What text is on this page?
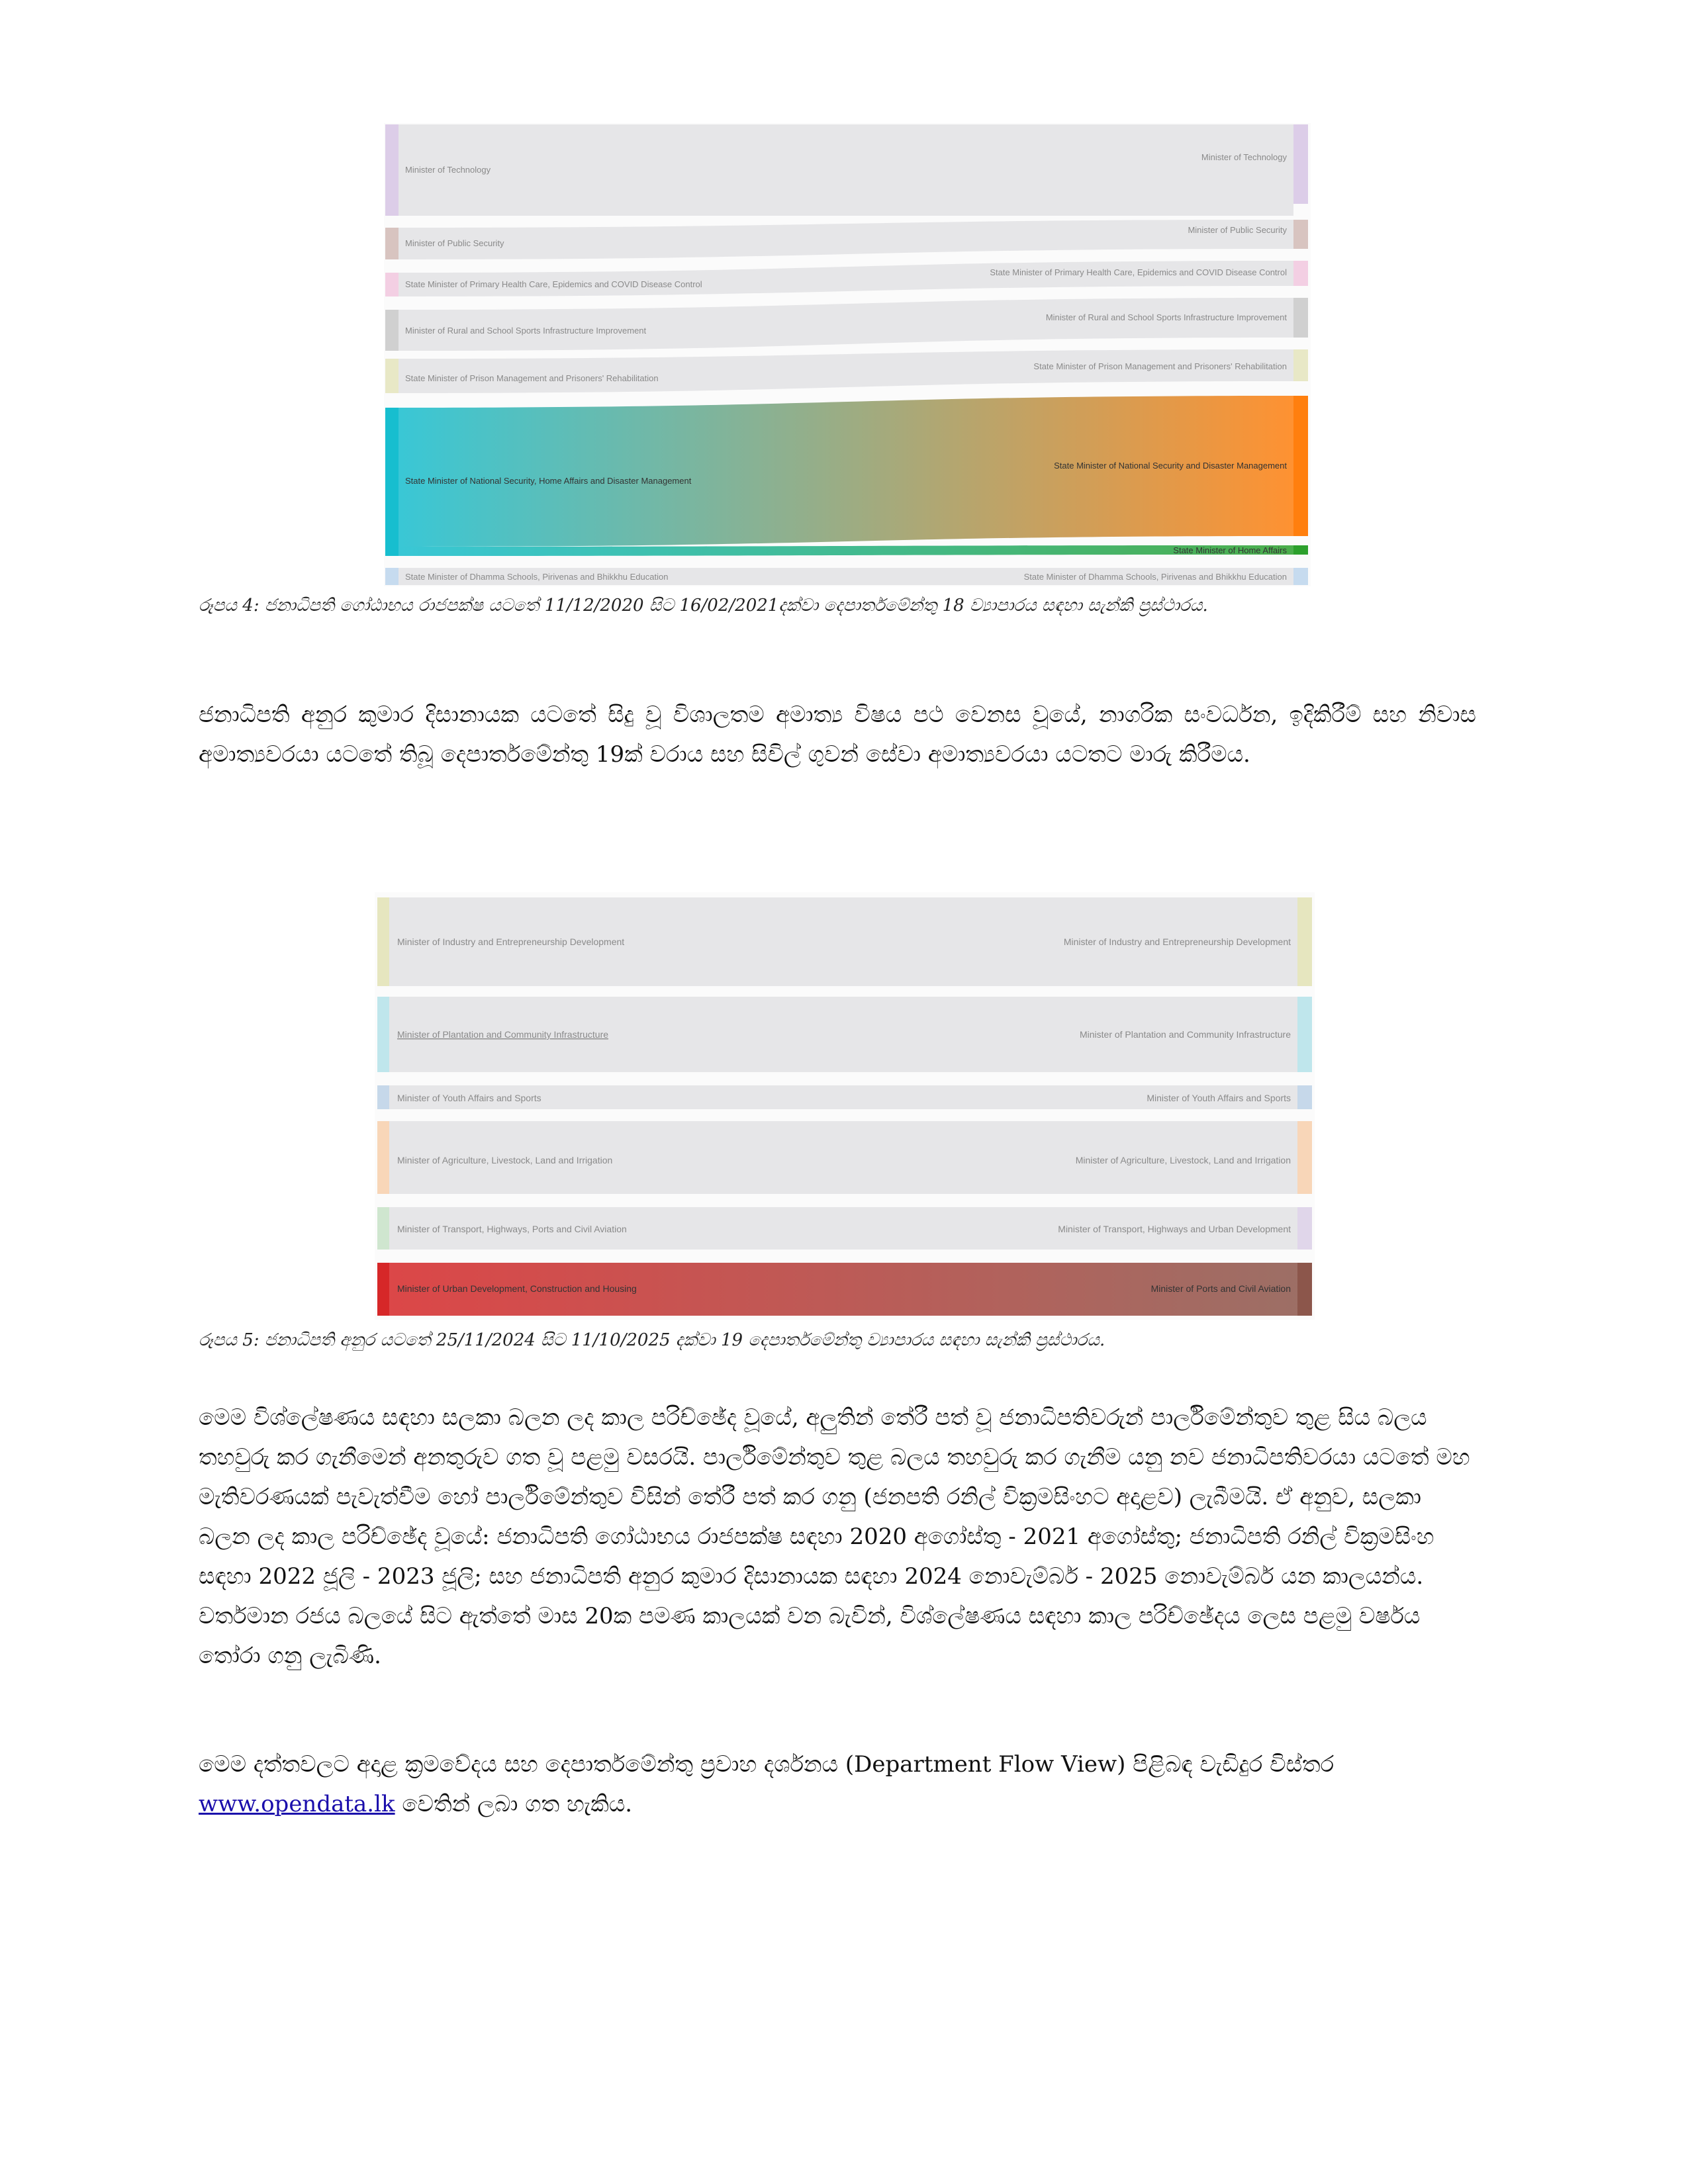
Minister of Technology
Minister of Public Security
State Minister of Primary Health Care, Epidemics and COVID Disease Control
Minister of Rural and School Sports Infrastructure Improvement
State Minister of Prison Management and Prisoners' Rehabilitation
State Minister of National Security, Home Affairs and Disaster Management
State Minister of Dhamma Schools, Pirivenas and Bhikkhu Education
Minister of Technology
Minister of Public Security
State Minister of Primary Health Care, Epidemics and COVID Disease Control
Minister of Rural and School Sports Infrastructure Improvement
State Minister of Prison Management and Prisoners' Rehabilitation
State Minister of National Security and Disaster Management
State Minister of Home Affairs
State Minister of Dhamma Schools, Pirivenas and Bhikkhu Education
රූපය 4: ජනාධිපති ගෝඨාභය රාජපක්ෂ යටතේ 11/12/2020 සිට 16/02/2021දක්වා දෙපාර්තමේන්තු 18 ව්‍යාපාරය සඳහා සැන්කි ප්‍රස්ථාරය.

ජනාධිපති අනුර කුමාර දිසානායක යටතේ සිදු වූ විශාලතම අමාත්‍ය විෂය පථ වෙනස වූයේ, නාගරික සංවර්ධන, ඉදිකිරීම් සහ නිවාස අමාත්‍යවරයා යටතේ තිබූ දෙපාර්තමේන්තු 19ක් වරාය සහ සිවිල් ගුවන් සේවා අමාත්‍යවරයා යටතට මාරු කිරීමය.

Minister of Industry and Entrepreneurship Development
Minister of Plantation and Community Infrastructure
Minister of Youth Affairs and Sports
Minister of Agriculture, Livestock, Land and Irrigation
Minister of Transport, Highways, Ports and Civil Aviation
Minister of Urban Development, Construction and Housing
Minister of Industry and Entrepreneurship Development
Minister of Plantation and Community Infrastructure
Minister of Youth Affairs and Sports
Minister of Agriculture, Livestock, Land and Irrigation
Minister of Transport, Highways and Urban Development
Minister of Ports and Civil Aviation
රූපය 5: ජනාධිපති අනුර යටතේ 25/11/2024 සිට 11/10/2025 දක්වා 19 දෙපාර්තමේන්තු ව්‍යාපාරය සඳහා සැන්කි ප්‍රස්ථාරය.

මෙම විශ්ලේෂණය සඳහා සලකා බලන ලද කාල පරිච්ඡේද වූයේ, අලුතින් තේරී පත් වූ ජනාධිපතිවරුන් පාර්ලිමේන්තුව තුළ සිය බලය තහවුරු කර ගැනීමෙන් අනතුරුව ගත වූ පළමු වසරයි. පාර්ලිමේන්තුව තුළ බලය තහවුරු කර ගැනීම යනු නව ජනාධිපතිවරයා යටතේ මහ මැතිවරණයක් පැවැත්වීම හෝ පාර්ලිමේන්තුව විසින් තේරී පත් කර ගනු (ජනපති රනිල් වික්‍රමසිංහට අදාළව) ලැබීමයි. ඒ අනුව, සලකා බලන ලද කාල පරිච්ඡේද වූයේ: ජනාධිපති ගෝඨාභය රාජපක්ෂ සඳහා 2020 අගෝස්තු - 2021 අගෝස්තු; ජනාධිපති රනිල් වික්‍රමසිංහ සඳහා 2022 ජූලි - 2023 ජූලි; සහ ජනාධිපති අනුර කුමාර දිසානායක සඳහා 2024 නොවැම්බර් - 2025 නොවැම්බර් යන කාලයන්ය. වර්තමාන රජය බලයේ සිට ඇත්තේ මාස 20ක පමණ කාලයක් වන බැවින්, විශ්ලේෂණය සඳහා කාල පරිච්ඡේදය ලෙස පළමු වර්ෂය තෝරා ගනු ලැබිණි.

මෙම දත්තවලට අදාළ ක්‍රමවේදය සහ දෙපාර්තමේන්තු ප්‍රවාහ දර්ශනය (Department Flow View) පිළිබඳ වැඩිදුර විස්තර www.opendata.lk වෙතින් ලබා ගත හැකිය.
